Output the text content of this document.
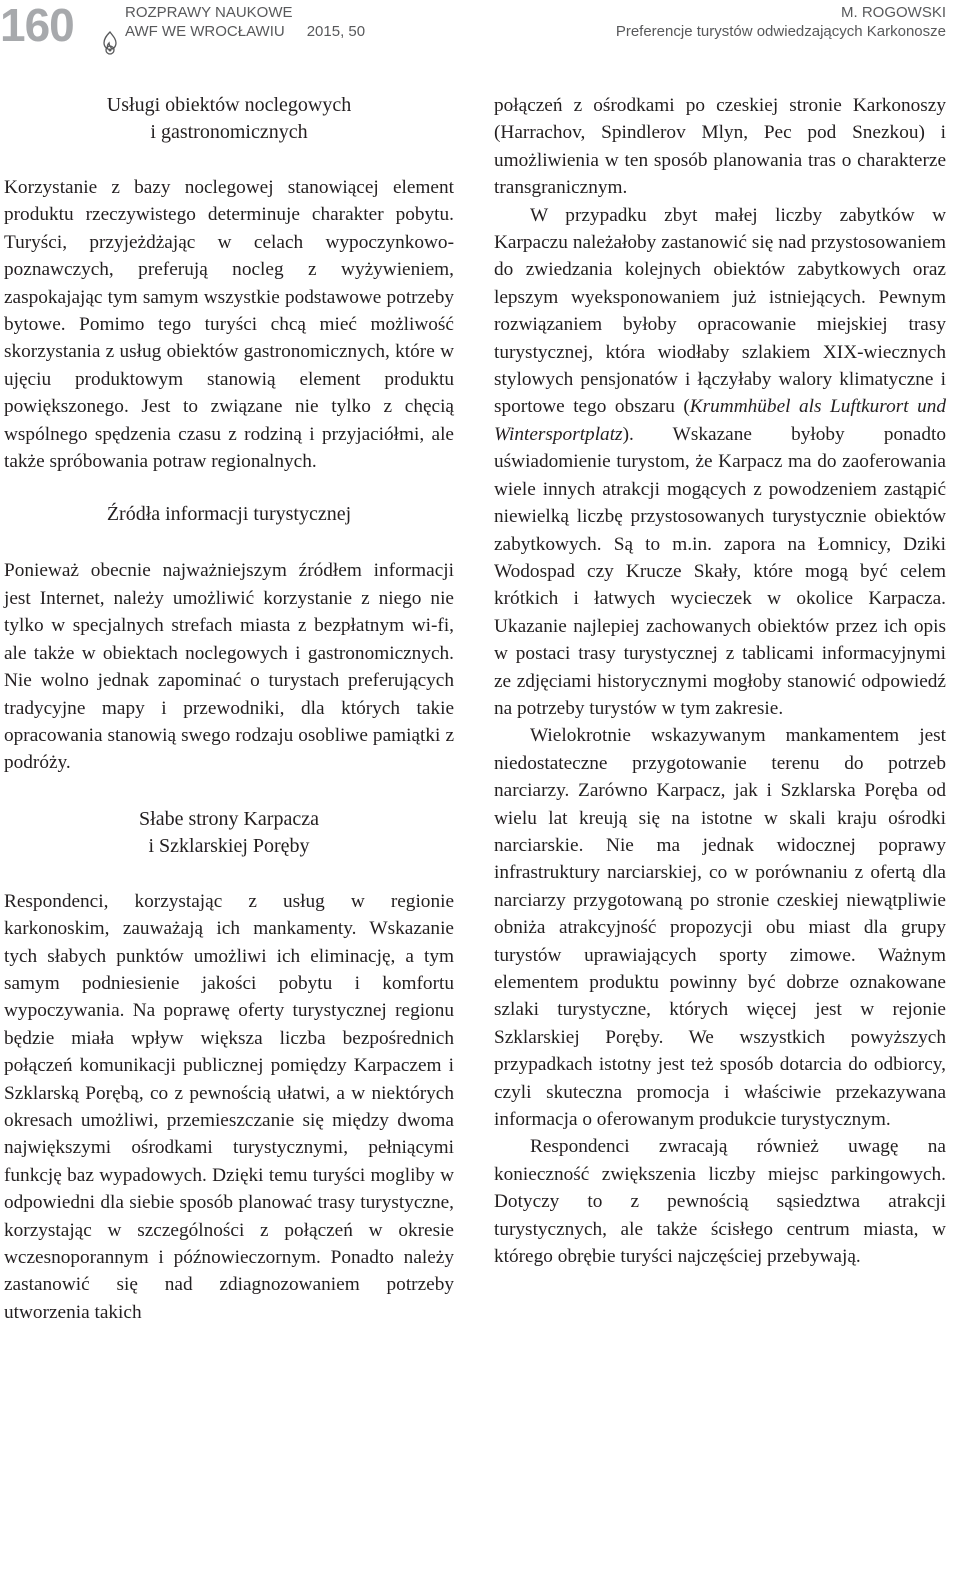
160	ROZPRAWY NAUKOWE
AWF WE WROCŁAWIU 2015, 50
M. ROGOWSKI
Preferencje turystów odwiedzających Karkonosze
Usługi obiektów noclegowych
i gastronomicznych

Korzystanie z bazy noclegowej stanowiącej element produktu rzeczywistego determinuje charakter pobytu. Turyści, przyjeżdżając w celach wypoczynkowo-poznawczych, preferują nocleg z wyżywieniem, zaspokajając tym samym wszystkie podstawowe potrzeby bytowe. Pomimo tego turyści chcą mieć możliwość skorzystania z usług obiektów gastronomicznych, które w ujęciu produktowym stanowią element produktu powiększonego. Jest to związane nie tylko z chęcią wspólnego spędzenia czasu z rodziną i przyjaciółmi, ale także spróbowania potraw regionalnych.

Źródła informacji turystycznej

Ponieważ obecnie najważniejszym źródłem informacji jest Internet, należy umożliwić korzystanie z niego nie tylko w specjalnych strefach miasta z bezpłatnym wi-fi, ale także w obiektach noclegowych i gastronomicznych. Nie wolno jednak zapominać o turystach preferujących tradycyjne mapy i przewodniki, dla których takie opracowania stanowią swego rodzaju osobliwe pamiątki z podróży.

Słabe strony Karpacza
i Szklarskiej Poręby

Respondenci, korzystając z usług w regionie karkonoskim, zauważają ich mankamenty. Wskazanie tych słabych punktów umożliwi ich eliminację, a tym samym podniesienie jakości pobytu i komfortu wypoczywania. Na poprawę oferty turystycznej regionu będzie miała wpływ większa liczba bezpośrednich połączeń komunikacji publicznej pomiędzy Karpaczem i Szklarską Porębą, co z pewnością ułatwi, a w niektórych okresach umożliwi, przemieszczanie się między dwoma największymi ośrodkami turystycznymi, pełniącymi funkcję baz wypadowych. Dzięki temu turyści mogliby w odpowiedni dla siebie sposób planować trasy turystyczne, korzystając w szczególności z połączeń w okresie wczesnoporannym i późnowieczornym. Ponadto należy zastanowić się nad zdiagnozowaniem potrzeby utworzenia takich

połączeń z ośrodkami po czeskiej stronie Karkonoszy (Harrachov, Spindlerov Mlyn, Pec pod Snezkou) i umożliwienia w ten sposób planowania tras o charakterze transgranicznym.

W przypadku zbyt małej liczby zabytków w Karpaczu należałoby zastanowić się nad przystosowaniem do zwiedzania kolejnych obiektów zabytkowych oraz lepszym wyeksponowaniem już istniejących. Pewnym rozwiązaniem byłoby opracowanie miejskiej trasy turystycznej, która wiodłaby szlakiem XIX-wiecznych stylowych pensjonatów i łączyłaby walory klimatyczne i sportowe tego obszaru (Krummhübel als Luftkurort und Wintersportplatz). Wskazane byłoby ponadto uświadomienie turystom, że Karpacz ma do zaoferowania wiele innych atrakcji mogących z powodzeniem zastąpić niewielką liczbę przystosowanych turystycznie obiektów zabytkowych. Są to m.in. zapora na Łomnicy, Dziki Wodospad czy Krucze Skały, które mogą być celem krótkich i łatwych wycieczek w okolice Karpacza. Ukazanie najlepiej zachowanych obiektów przez ich opis w postaci trasy turystycznej z tablicami informacyjnymi ze zdjęciami historycznymi mogłoby stanowić odpowiedź na potrzeby turystów w tym zakresie.

Wielokrotnie wskazywanym mankamentem jest niedostateczne przygotowanie terenu do potrzeb narciarzy. Zarówno Karpacz, jak i Szklarska Poręba od wielu lat kreują się na istotne w skali kraju ośrodki narciarskie. Nie ma jednak widocznej poprawy infrastruktury narciarskiej, co w porównaniu z ofertą dla narciarzy przygotowaną po stronie czeskiej niewątpliwie obniża atrakcyjność propozycji obu miast dla grupy turystów uprawiających sporty zimowe. Ważnym elementem produktu powinny być dobrze oznakowane szlaki turystyczne, których więcej jest w rejonie Szklarskiej Poręby. We wszystkich powyższych przypadkach istotny jest też sposób dotarcia do odbiorcy, czyli skuteczna promocja i właściwie przekazywana informacja o oferowanym produkcie turystycznym.

Respondenci zwracają również uwagę na konieczność zwiększenia liczby miejsc parkingowych. Dotyczy to z pewnością sąsiedztwa atrakcji turystycznych, ale także ścisłego centrum miasta, w którego obrębie turyści najczęściej przebywają.
